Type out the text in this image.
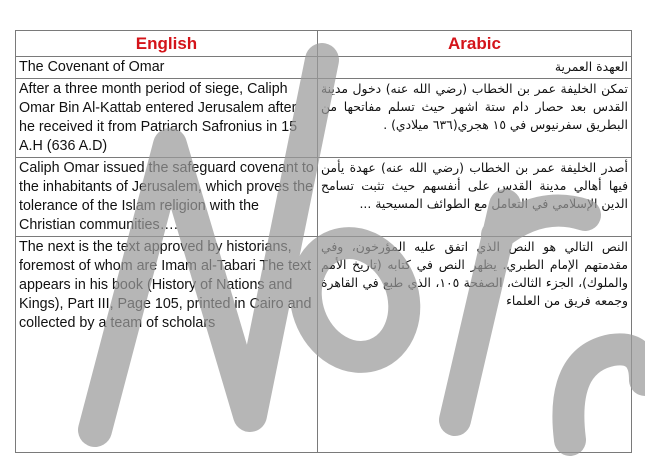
English	Arabic
The Covenant of Omar	العهدة العمرية
After a three month period of siege, Caliph Omar Bin Al-Kattab entered Jerusalem after he received it from Patriarch Safronius in 15 A.H (636 A.D)	تمكن الخليفة عمر بن الخطاب (رضي الله عنه) دخول مدينة القدس بعد حصار دام ستة اشهر حيث تسلم مفاتحها من البطريق سفرنيوس في ١٥ هجري(٦٣٦ ميلادي) .
Caliph Omar issued the safeguard covenant to the inhabitants of Jerusalem, which proves the tolerance of the Islam religion with the Christian communities….	أصدر الخليفة عمر بن الخطاب (رضي الله عنه) عهدة يأمن فيها أهالي مدينة القدس على أنفسهم حيث تثبت تسامح الدين الإسلامي في التعامل مع الطوائف المسيحية ...
The next is the text approved by historians, foremost of whom are Imam al-Tabari The text appears in his book (History of Nations and Kings), Part III, Page 105, printed in Cairo and collected by a team of scholars	النص التالي هو النص الذي اتفق عليه المؤرخون، وفي مقدمتهم الإمام الطبري. يظهر النص في كتابه (تاريخ الأمم والملوك)، الجزء الثالث، الصفحة ١٠٥، الذي طبع في القاهرة وجمعه فريق من العلماء
